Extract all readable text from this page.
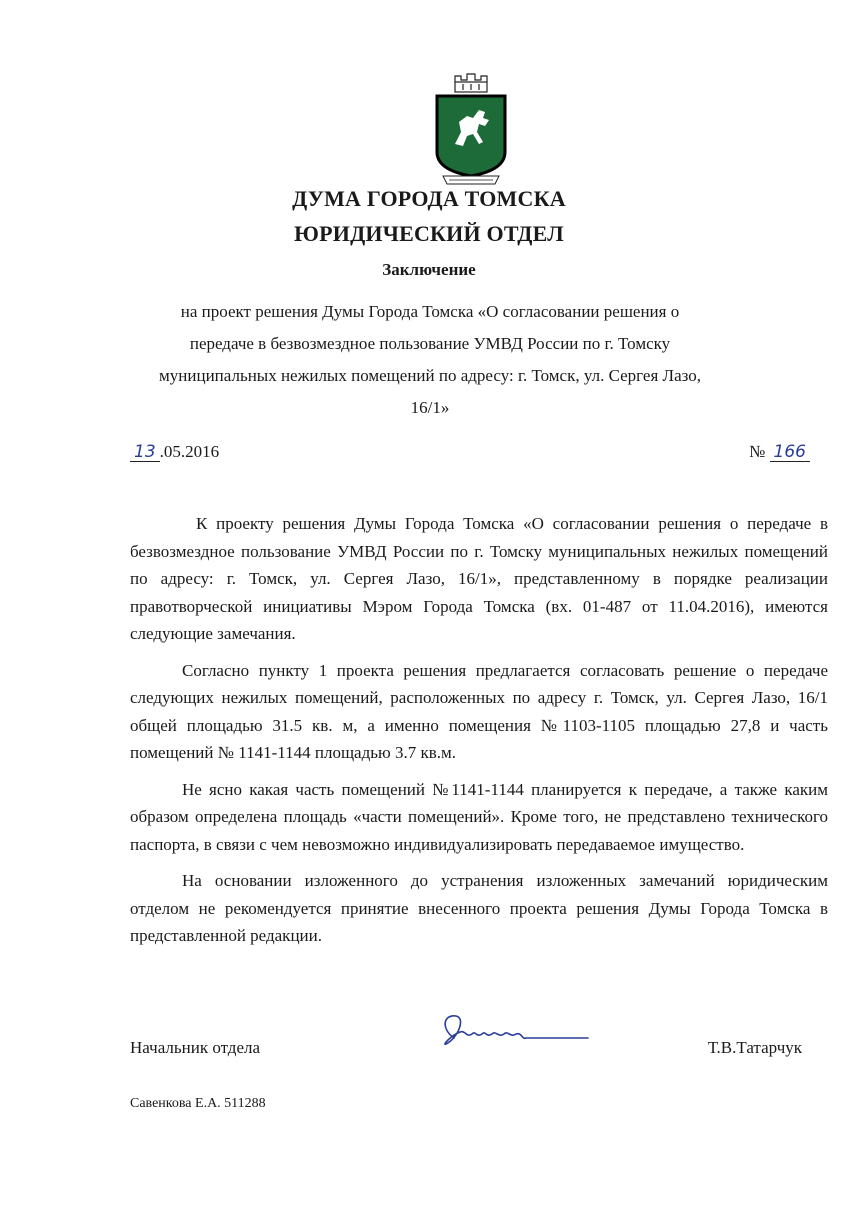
ДУМА ГОРОДА ТОМСКА
ЮРИДИЧЕСКИЙ ОТДЕЛ
Заключение
на проект решения Думы Города Томска «О согласовании решения о передаче в безвозмездное пользование УМВД России по г. Томску муниципальных нежилых помещений по адресу: г. Томск, ул. Сергея Лазо, 16/1»
13 .05.2016	№ 166

К проекту решения Думы Города Томска «О согласовании решения о передаче в безвозмездное пользование УМВД России по г. Томску муниципальных нежилых помещений по адресу: г. Томск, ул. Сергея Лазо, 16/1», представленному в порядке реализации правотворческой инициативы Мэром Города Томска (вх. 01-487 от 11.04.2016), имеются следующие замечания.

Согласно пункту 1 проекта решения предлагается согласовать решение о передаче следующих нежилых помещений, расположенных по адресу г. Томск, ул. Сергея Лазо, 16/1 общей площадью 31.5 кв. м, а именно помещения №1103-1105 площадью 27,8 и часть помещений № 1141-1144 площадью 3.7 кв.м.

Не ясно какая часть помещений №1141-1144 планируется к передаче, а также каким образом определена площадь «части помещений». Кроме того, не представлено технического паспорта, в связи с чем невозможно индивидуализировать передаваемое имущество.

На основании изложенного до устранения изложенных замечаний юридическим отделом не рекомендуется принятие внесенного проекта решения Думы Города Томска в представленной редакции.

Начальник отдела	Т.В.Татарчук
Савенкова Е.А. 511288
